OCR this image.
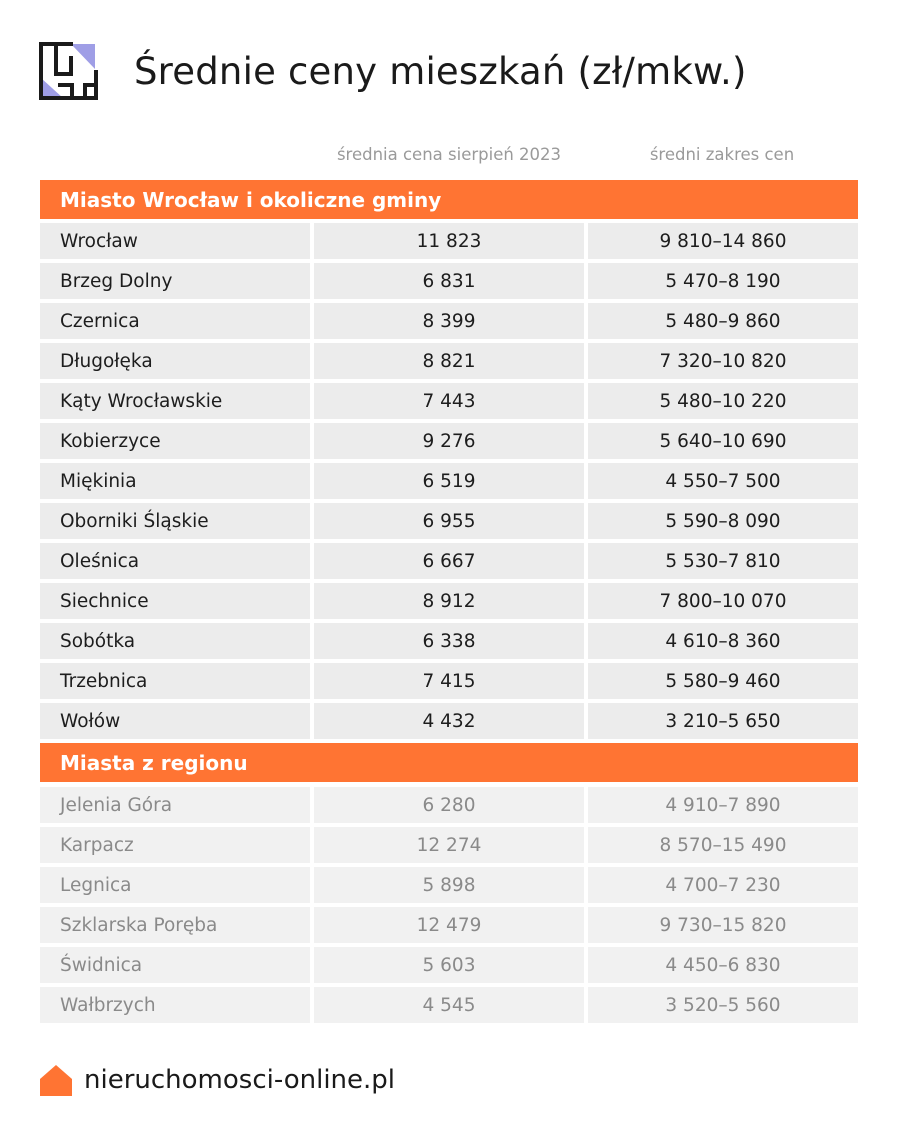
Średnie ceny mieszkań (zł/mkw.)
średnia cena sierpień 2023	średni zakres cen
Miasto Wrocław i okoliczne gminy
Wrocław	11 823	9 810–14 860
Brzeg Dolny	6 831	5 470–8 190
Czernica	8 399	5 480–9 860
Długołęka	8 821	7 320–10 820
Kąty Wrocławskie	7 443	5 480–10 220
Kobierzyce	9 276	5 640–10 690
Miękinia	6 519	4 550–7 500
Oborniki Śląskie	6 955	5 590–8 090
Oleśnica	6 667	5 530–7 810
Siechnice	8 912	7 800–10 070
Sobótka	6 338	4 610–8 360
Trzebnica	7 415	5 580–9 460
Wołów	4 432	3 210–5 650
Miasta z regionu
Jelenia Góra	6 280	4 910–7 890
Karpacz	12 274	8 570–15 490
Legnica	5 898	4 700–7 230
Szklarska Poręba	12 479	9 730–15 820
Świdnica	5 603	4 450–6 830
Wałbrzych	4 545	3 520–5 560
nieruchomosci-online.pl
